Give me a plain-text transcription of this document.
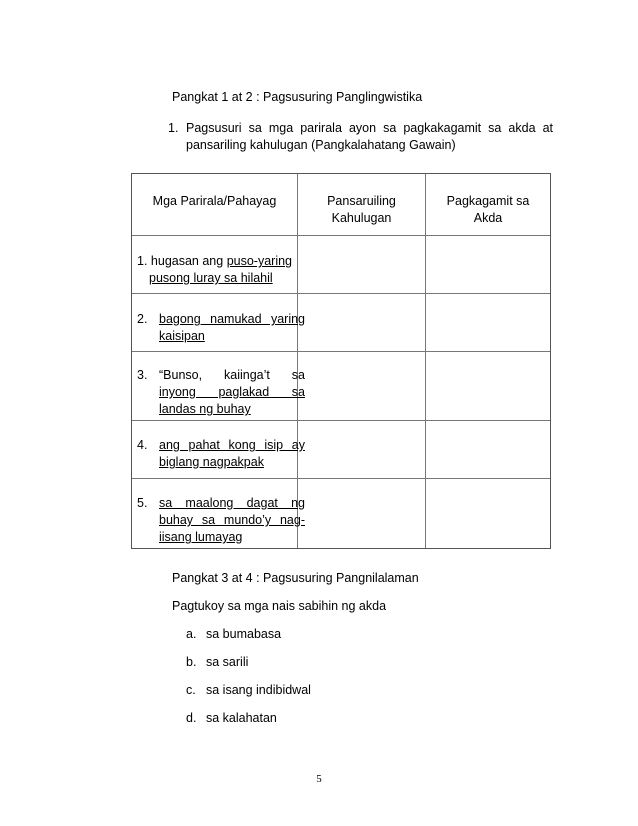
Pangkat 1 at 2 : Pagsusuring Panglingwistika
1. Pagsusuri sa mga parirala ayon sa pagkakagamit sa akda at
pansariling kahulugan (Pangkalahatang Gawain)
Mga Parirala/Pahayag	Pansaruiling
Kahulugan
Pagkagamit sa
Akda
1. hugasan ang puso-yaring
pusong luray sa hilahil
2. bagong namukad yaring
kaisipan
3. “Bunso, kaiinga’t sa
inyong paglakad sa
landas ng buhay
4. ang pahat kong isip ay
biglang nagpakpak
5. sa maalong dagat ng
buhay sa mundo’y nag-
iisang lumayag
Pangkat 3 at 4 : Pagsusuring Pangnilalaman
Pagtukoy sa mga nais sabihin ng akda
a. sa bumabasa
b. sa sarili
c. sa isang indibidwal
d. sa kalahatan
5
